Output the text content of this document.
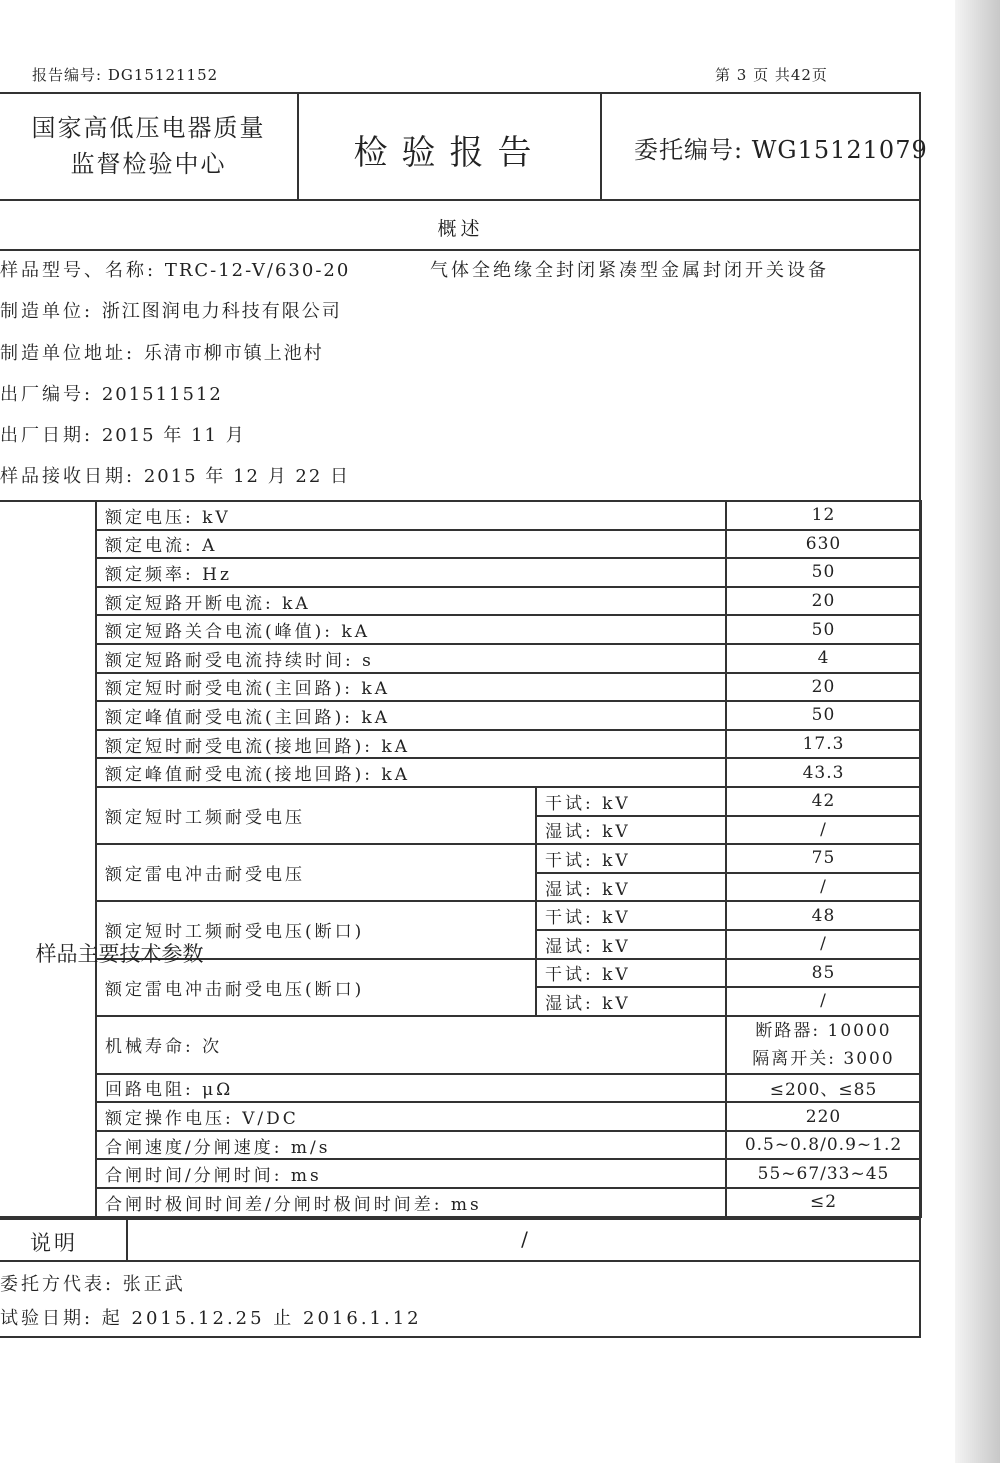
报告编号: DG15121152	第 3 页 共42页
国家高低压电器质量
监督检验中心	检验报告	委托编号: WG15121079
概述
样品型号、名称: TRC-12-V/630-20	气体全绝缘全封闭紧凑型金属封闭开关设备
制造单位: 浙江图润电力科技有限公司
制造单位地址: 乐清市柳市镇上池村
出厂编号: 201511512
出厂日期: 2015 年 11 月
样品接收日期: 2015 年 12 月 22 日
样品主要技术参数	额定电压: kV		12
	额定电流: A		630
	额定频率: Hz		50
	额定短路开断电流: kA		20
	额定短路关合电流(峰值): kA		50
	额定短路耐受电流持续时间: s		4
	额定短时耐受电流(主回路): kA		20
	额定峰值耐受电流(主回路): kA		50
	额定短时耐受电流(接地回路): kA		17.3
	额定峰值耐受电流(接地回路): kA		43.3
	额定短时工频耐受电压	干试: kV	42
		湿试: kV	/
	额定雷电冲击耐受电压	干试: kV	75
		湿试: kV	/
	额定短时工频耐受电压(断口)	干试: kV	48
		湿试: kV	/
	额定雷电冲击耐受电压(断口)	干试: kV	85
		湿试: kV	/
	机械寿命: 次		断路器: 10000
隔离开关: 3000

	回路电阻: μΩ		≤200、≤85
	额定操作电压: V/DC		220
	合闸速度/分闸速度: m/s		0.5~0.8/0.9~1.2
	合闸时间/分闸时间: ms		55~67/33~45
	合闸时极间时间差/分闸时极间时间差: ms		≤2
说明	/
委托方代表: 张正武
试验日期: 起 2015.12.25 止 2016.1.12
